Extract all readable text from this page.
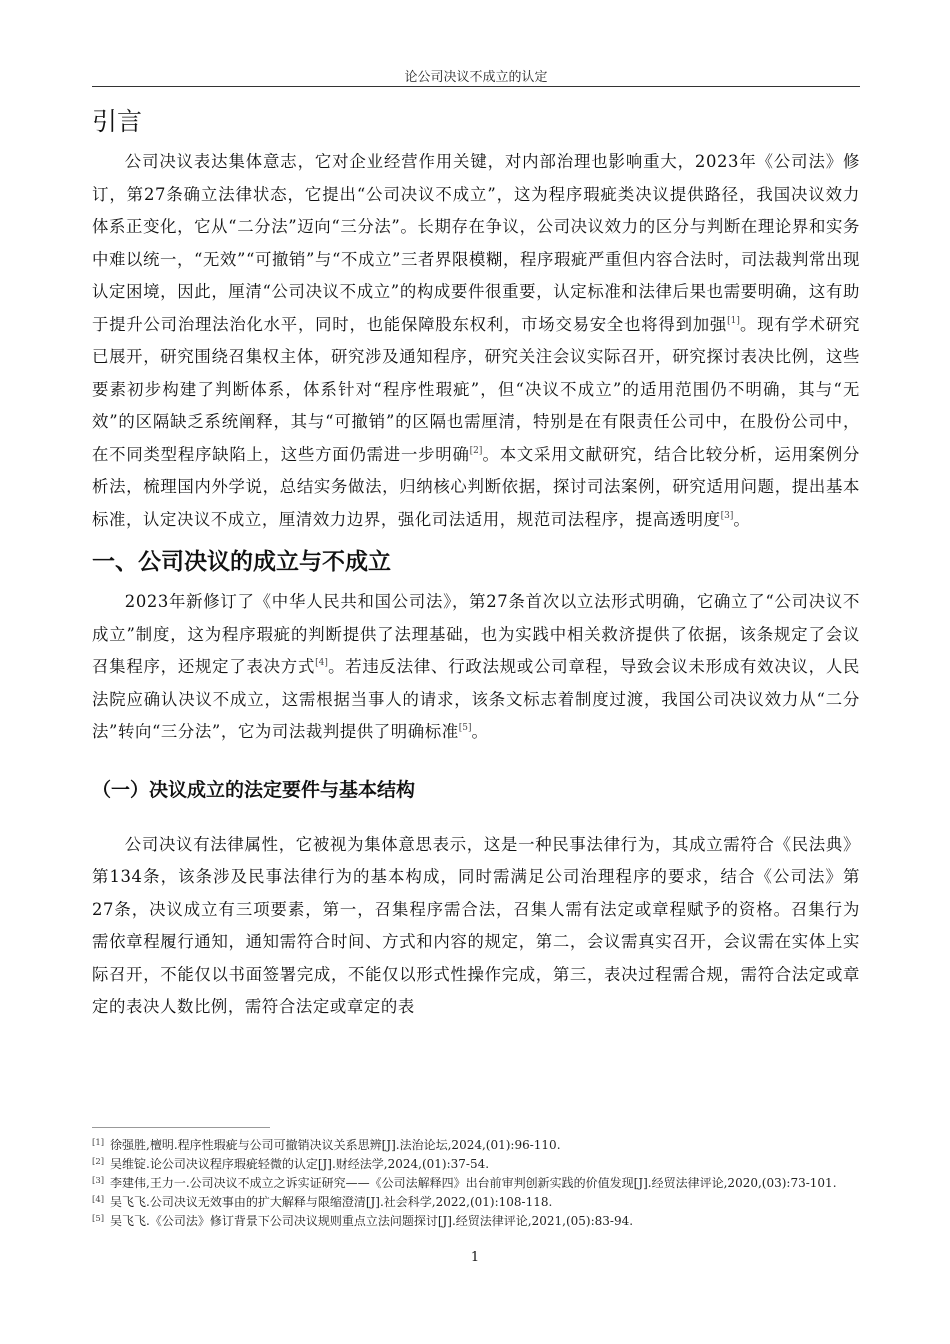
论公司决议不成立的认定
引言

公司决议表达集体意志，它对企业经营作用关键，对内部治理也影响重大，2023年《公司法》修订，第27条确立法律状态，它提出“公司决议不成立”，这为程序瑕疵类决议提供路径，我国决议效力体系正变化，它从“二分法”迈向“三分法”。长期存在争议，公司决议效力的区分与判断在理论界和实务中难以统一，“无效”“可撤销”与“不成立”三者界限模糊，程序瑕疵严重但内容合法时，司法裁判常出现认定困境，因此，厘清“公司决议不成立”的构成要件很重要，认定标准和法律后果也需要明确，这有助于提升公司治理法治化水平，同时，也能保障股东权利，市场交易安全也将得到加强[1]。现有学术研究已展开，研究围绕召集权主体，研究涉及通知程序，研究关注会议实际召开，研究探讨表决比例，这些要素初步构建了判断体系，体系针对“程序性瑕疵”，但“决议不成立”的适用范围仍不明确，其与“无效”的区隔缺乏系统阐释，其与“可撤销”的区隔也需厘清，特别是在有限责任公司中，在股份公司中，在不同类型程序缺陷上，这些方面仍需进一步明确[2]。本文采用文献研究，结合比较分析，运用案例分析法，梳理国内外学说，总结实务做法，归纳核心判断依据，探讨司法案例，研究适用问题，提出基本标准，认定决议不成立，厘清效力边界，强化司法适用，规范司法程序，提高透明度[3]。

一、公司决议的成立与不成立

2023年新修订了《中华人民共和国公司法》，第27条首次以立法形式明确，它确立了“公司决议不成立”制度，这为程序瑕疵的判断提供了法理基础，也为实践中相关救济提供了依据，该条规定了会议召集程序，还规定了表决方式[4]。若违反法律、行政法规或公司章程，导致会议未形成有效决议，人民法院应确认决议不成立，这需根据当事人的请求，该条文标志着制度过渡，我国公司决议效力从“二分法”转向“三分法”，它为司法裁判提供了明确标准[5]。

（一）决议成立的法定要件与基本结构

公司决议有法律属性，它被视为集体意思表示，这是一种民事法律行为，其成立需符合《民法典》第134条，该条涉及民事法律行为的基本构成，同时需满足公司治理程序的要求，结合《公司法》第27条，决议成立有三项要素，第一，召集程序需合法，召集人需有法定或章程赋予的资格。召集行为需依章程履行通知，通知需符合时间、方式和内容的规定，第二，会议需真实召开，会议需在实体上实际召开，不能仅以书面签署完成，不能仅以形式性操作完成，第三，表决过程需合规，需符合法定或章定的表决人数比例，需符合法定或章定的表

[1] 徐强胜,檀明.程序性瑕疵与公司可撤销决议关系思辨[J].法治论坛,2024,(01):96-110.
[2] 吴维锭.论公司决议程序瑕疵轻微的认定[J].财经法学,2024,(01):37-54.
[3] 李建伟,王力一.公司决议不成立之诉实证研究——《公司法解释四》出台前审判创新实践的价值发现[J].经贸法律评论,2020,(03):73-101.
[4] 吴飞飞.公司决议无效事由的扩大解释与限缩澄清[J].社会科学,2022,(01):108-118.
[5] 吴飞飞.《公司法》修订背景下公司决议规则重点立法问题探讨[J].经贸法律评论,2021,(05):83-94.
1
